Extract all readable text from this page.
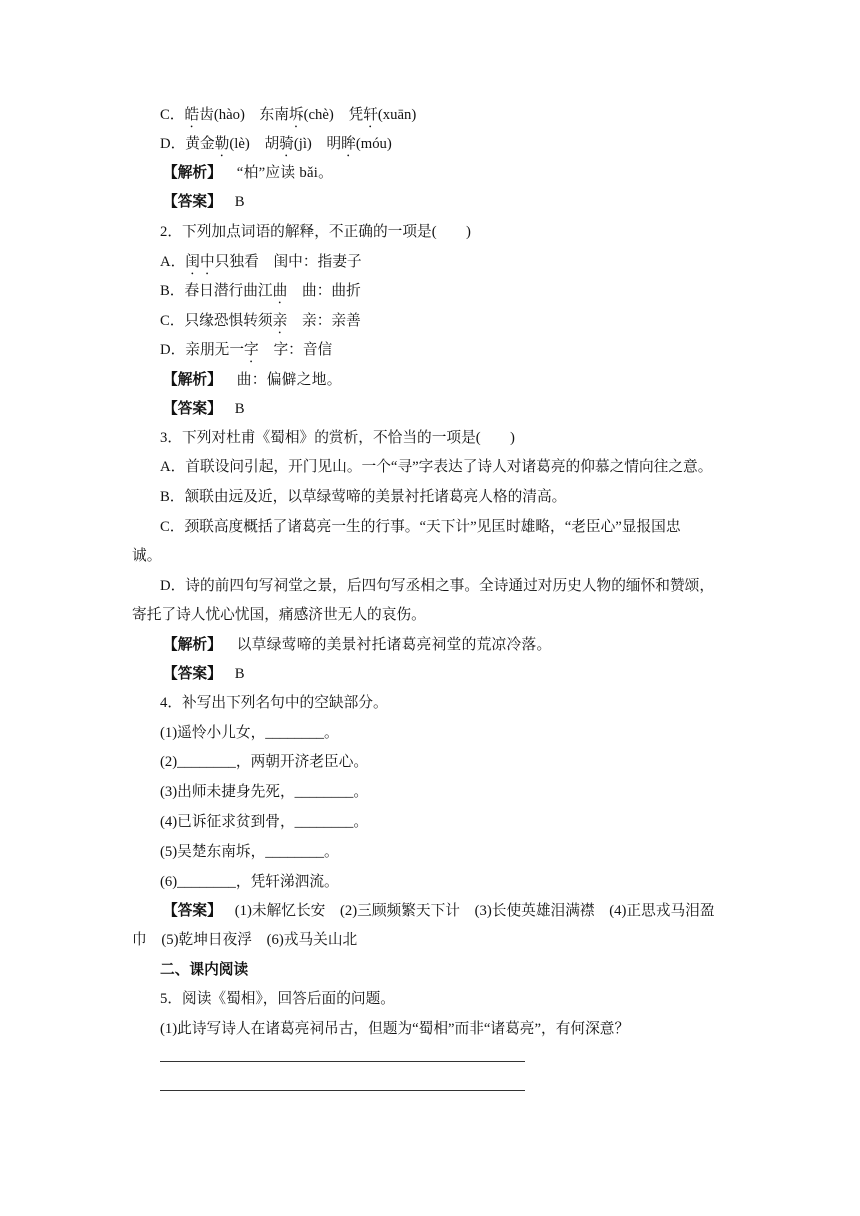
C．皓齿(hào)　东南坼(chè)　凭轩(xuān)
D．黄金勒(lè)　胡骑(jì)　明眸(móu)
【解析】 “柏”应读 bǎi。
【答案】 B
2．下列加点词语的解释，不正确的一项是(　　)
A．闺中只独看　闺中：指妻子
B．春日潜行曲江曲　曲：曲折
C．只缘恐惧转须亲　亲：亲善
D．亲朋无一字　字：音信
【解析】 曲：偏僻之地。
【答案】 B
3．下列对杜甫《蜀相》的赏析，不恰当的一项是(　　)
A．首联设问引起，开门见山。一个“寻”字表达了诗人对诸葛亮的仰慕之情向往之意。
B．颔联由远及近，以草绿莺啼的美景衬托诸葛亮人格的清高。
C．颈联高度概括了诸葛亮一生的行事。“天下计”见匡时雄略，“老臣心”显报国忠
诚。
D．诗的前四句写祠堂之景，后四句写丞相之事。全诗通过对历史人物的缅怀和赞颂，
寄托了诗人忧心忧国，痛感济世无人的哀伤。
【解析】 以草绿莺啼的美景衬托诸葛亮祠堂的荒凉冷落。
【答案】 B
4．补写出下列名句中的空缺部分。
(1)遥怜小儿女，________。
(2)________，两朝开济老臣心。
(3)出师未捷身先死，________。
(4)已诉征求贫到骨，________。
(5)吴楚东南坼，________。
(6)________，凭轩涕泗流。
【答案】 (1)未解忆长安　(2)三顾频繁天下计　(3)长使英雄泪满襟　(4)正思戎马泪盈
巾　(5)乾坤日夜浮　(6)戎马关山北
二、课内阅读
5．阅读《蜀相》，回答后面的问题。
(1)此诗写诗人在诸葛亮祠吊古，但题为“蜀相”而非“诸葛亮”，有何深意？
